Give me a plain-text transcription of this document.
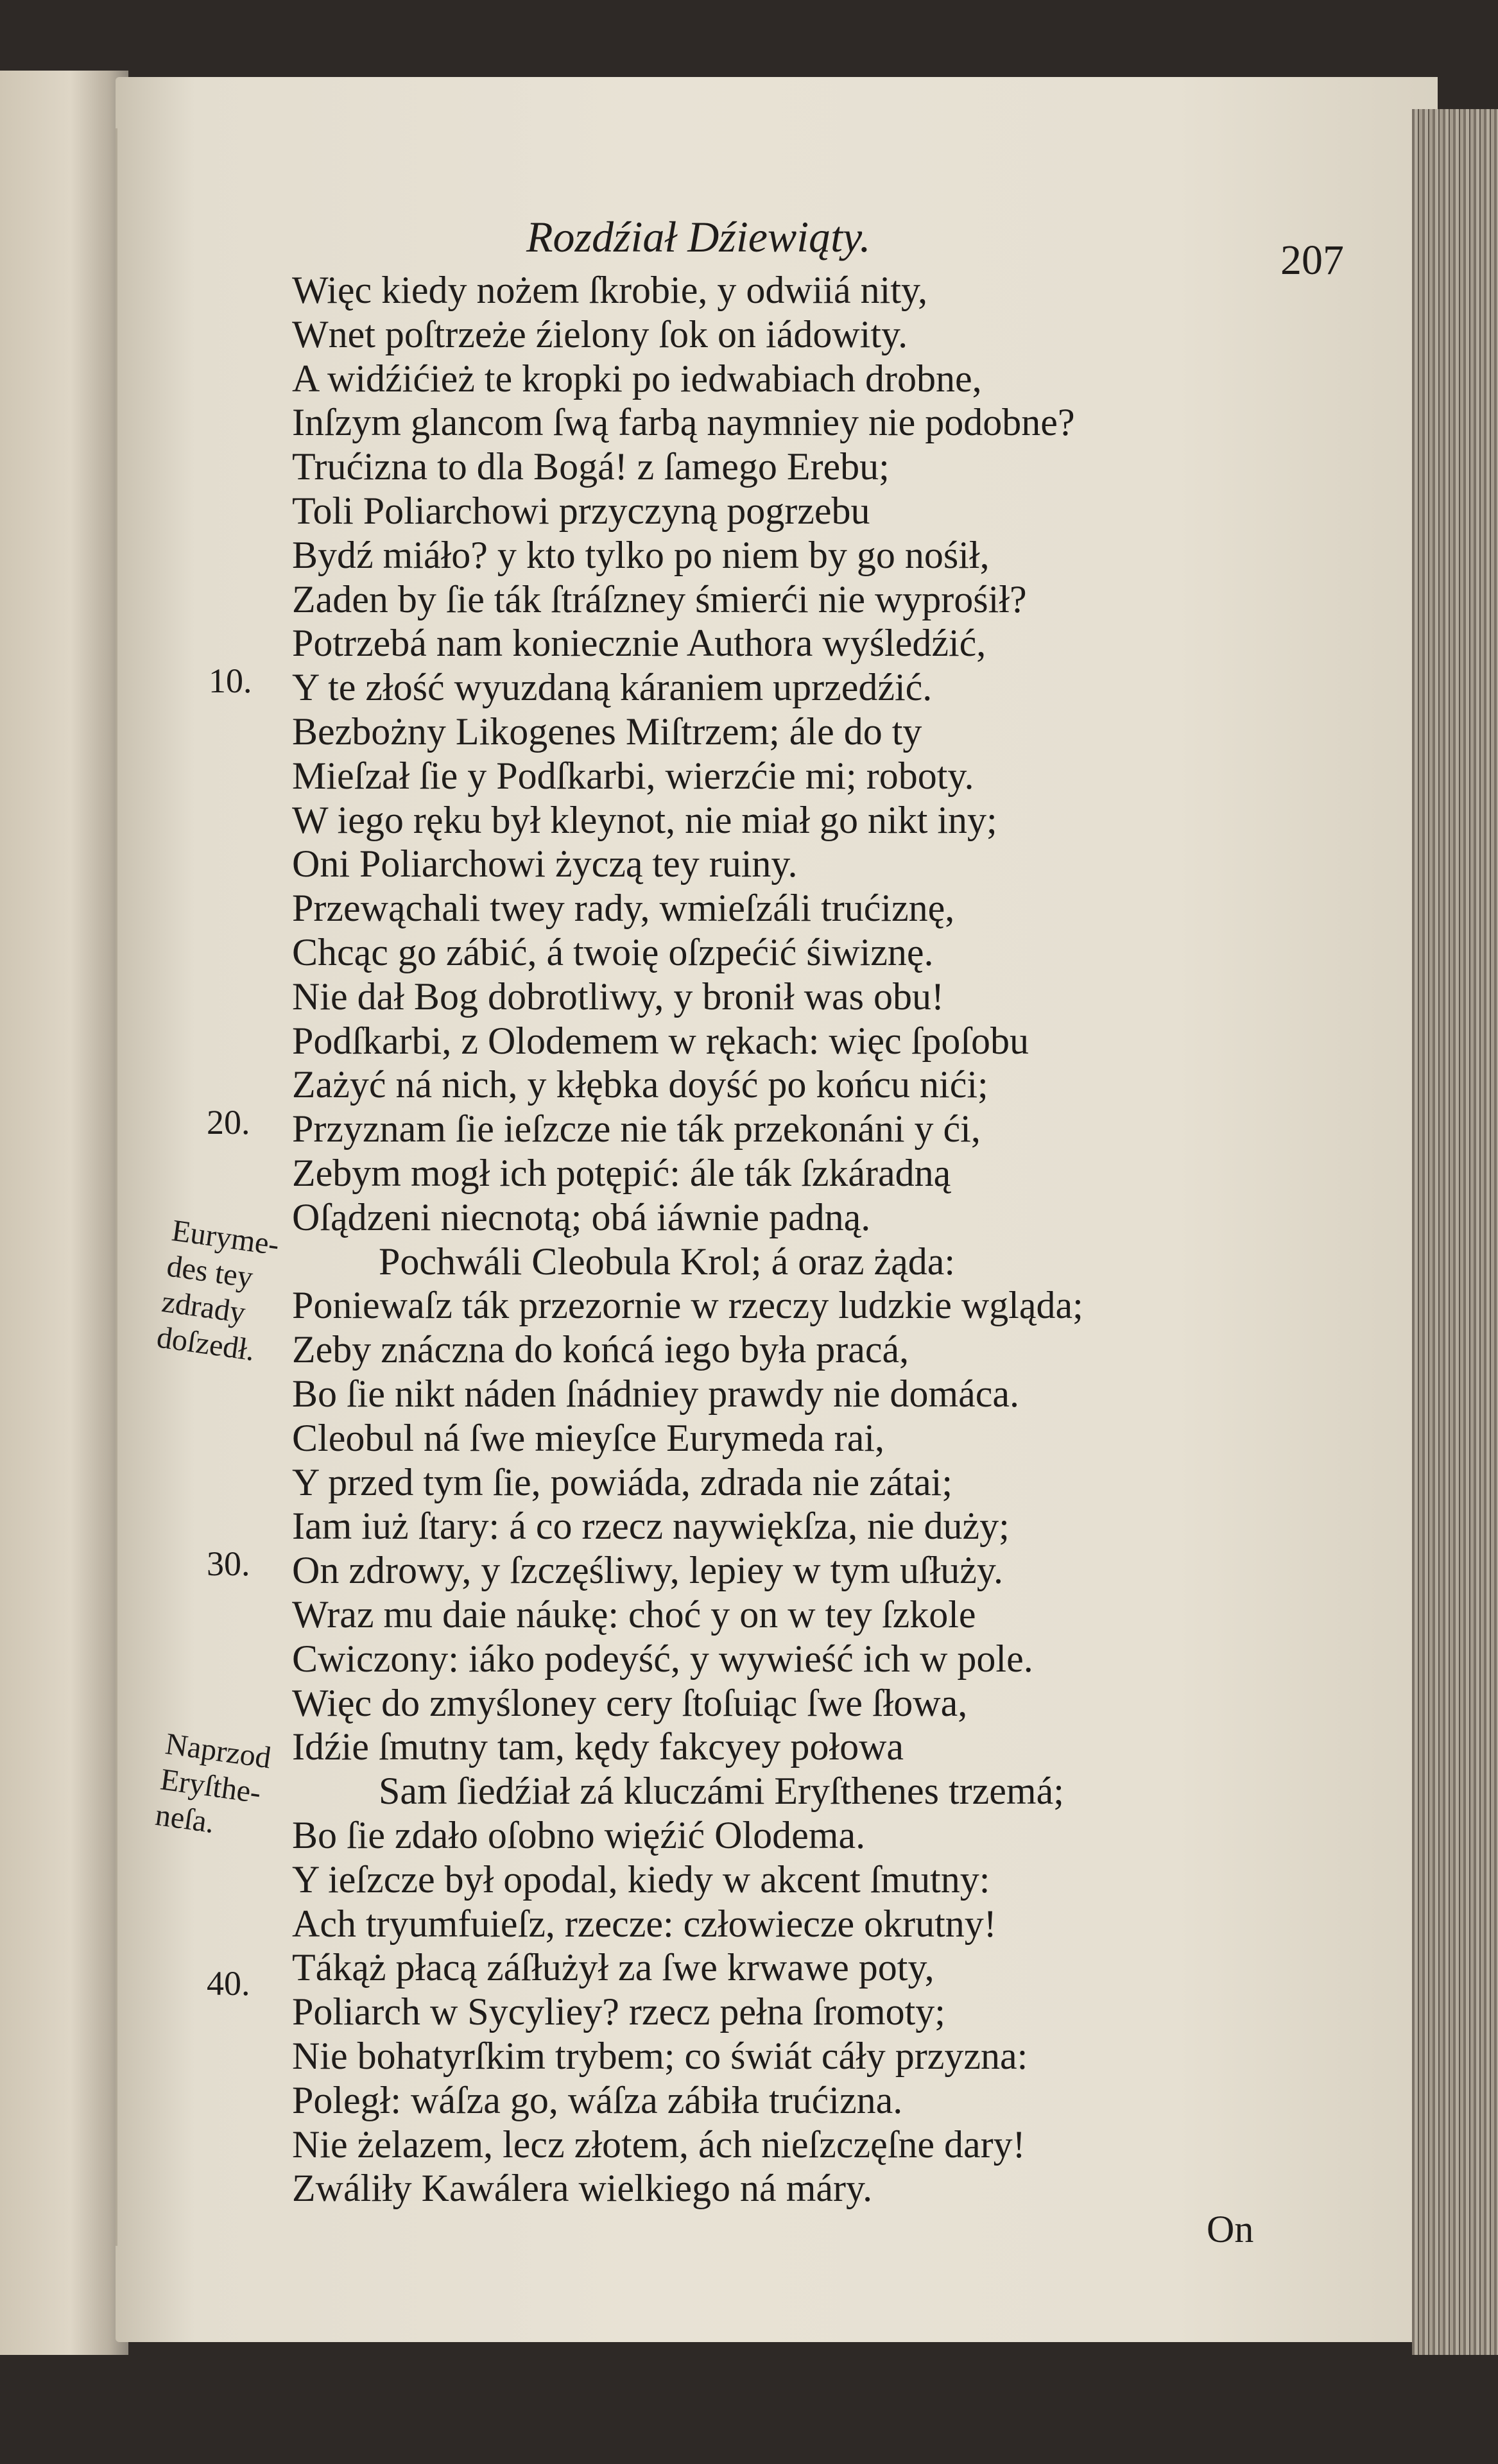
Rozdźiał Dźiewiąty.	207
Więc kiedy nożem ſkrobie, y odwiiá nity,
Wnet poſtrzeże źielony ſok on iádowity.
A widźićież te kropki po iedwabiach drobne,
Inſzym glancom ſwą farbą naymniey nie podobne?
Trućizna to dla Bogá! z ſamego Erebu;
Toli Poliarchowi przyczyną pogrzebu
Bydź miáło? y kto tylko po niem by go nośił,
Zaden by ſie ták ſtráſzney śmierći nie wyprośił?
Potrzebá nam koniecznie Authora wyśledźić,
Y te złość wyuzdaną káraniem uprzedźić.
Bezbożny Likogenes Miſtrzem; ále do ty
Mieſzał ſie y Podſkarbi, wierzćie mi; roboty.
W iego ręku był kleynot, nie miał go nikt iny;
Oni Poliarchowi życzą tey ruiny.
Przewąchali twey rady, wmieſzáli trućiznę,
Chcąc go zábić, á twoię oſzpećić śiwiznę.
Nie dał Bog dobrotliwy, y bronił was obu!
Podſkarbi, z Olodemem w rękach: więc ſpoſobu
Zażyć ná nich, y kłębka doyść po końcu nići;
Przyznam ſie ieſzcze nie ták przekonáni y ći,
Zebym mogł ich potępić: ále ták ſzkáradną
Oſądzeni niecnotą; obá iáwnie padną.
Pochwáli Cleobula Krol; á oraz żąda:
Poniewaſz ták przezornie w rzeczy ludzkie wgląda;
Zeby znáczna do końcá iego była pracá,
Bo ſie nikt náden ſnádniey prawdy nie domáca.
Cleobul ná ſwe mieyſce Eurymeda rai,
Y przed tym ſie, powiáda, zdrada nie zátai;
Iam iuż ſtary: á co rzecz naywiękſza, nie duży;
On zdrowy, y ſzczęśliwy, lepiey w tym uſłuży.
Wraz mu daie náukę: choć y on w tey ſzkole
Cwiczony: iáko podeyść, y wywieść ich w pole.
Więc do zmyśloney cery ſtoſuiąc ſwe ſłowa,
Idźie ſmutny tam, kędy fakcyey połowa
Sam ſiedźiał zá kluczámi Eryſthenes trzemá;
Bo ſie zdało oſobno więźić Olodema.
Y ieſzcze był opodal, kiedy w akcent ſmutny:
Ach tryumfuieſz, rzecze: człowiecze okrutny!
Tákąż płacą záſłużył za ſwe krwawe poty,
Poliarch w Sycyliey? rzecz pełna ſromoty;
Nie bohatyrſkim trybem; co świát cáły przyzna:
Poległ: wáſza go, wáſza zábiła trućizna.
Nie żelazem, lecz złotem, ách nieſzczęſne dary!
Zwáliły Kawálera wielkiego ná máry.
10.
20.
30.
40.
Euryme-
des tey
zdrady
doſzedł.
Naprzod
Eryſthe-
neſa.
On
